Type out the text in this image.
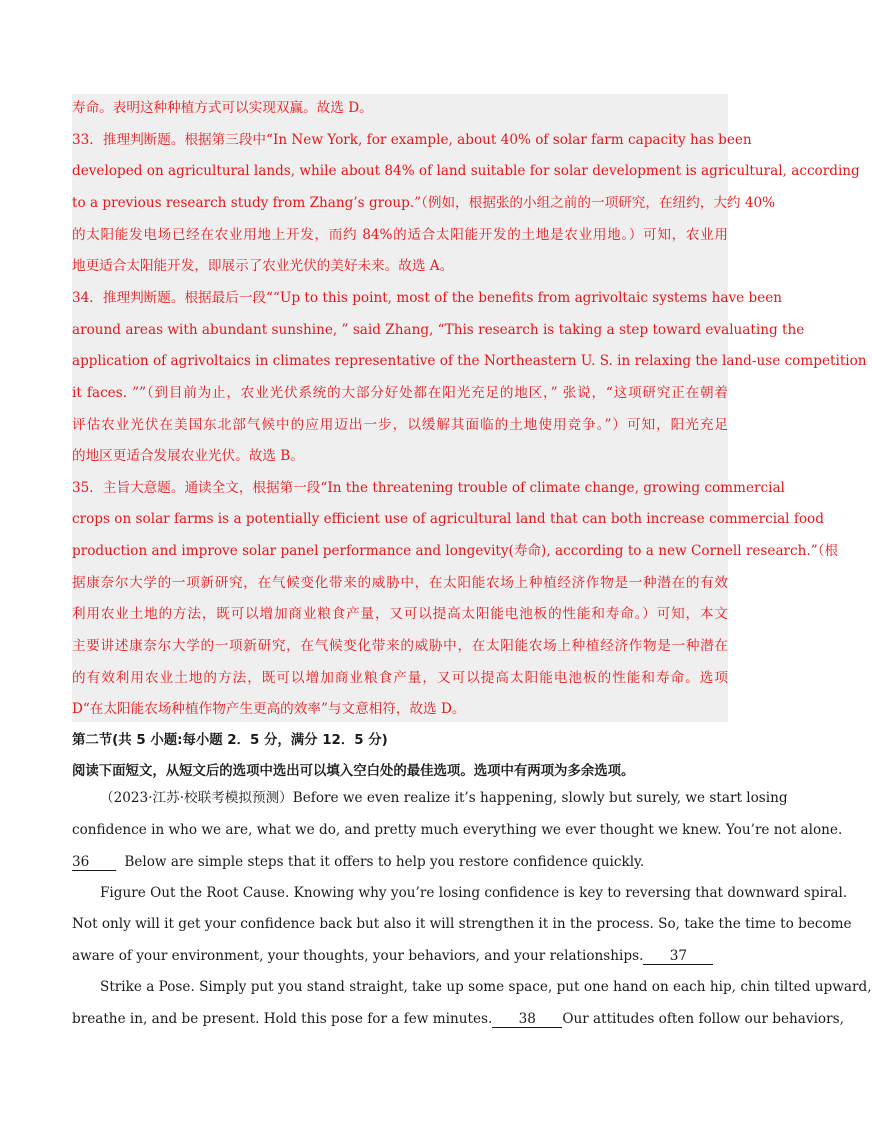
寿命。表明这种种植方式可以实现双赢。故选 D。
33．推理判断题。根据第三段中“In New York, for example, about 40% of solar farm capacity has been
developed on agricultural lands, while about 84% of land suitable for solar development is agricultural, according
to a previous research study from Zhang’s group.”（例如，根据张的小组之前的一项研究，在纽约，大约 40%
的太阳能发电场已经在农业用地上开发，而约 84%的适合太阳能开发的土地是农业用地。）可知，农业用
地更适合太阳能开发，即展示了农业光伏的美好未来。故选 A。
34．推理判断题。根据最后一段““Up to this point, most of the benefits from agrivoltaic systems have been
around areas with abundant sunshine, ” said Zhang, “This research is taking a step toward evaluating the
application of agrivoltaics in climates representative of the Northeastern U. S. in relaxing the land-use competition
it faces. ””（到目前为止，农业光伏系统的大部分好处都在阳光充足的地区，” 张说，“这项研究正在朝着
评估农业光伏在美国东北部气候中的应用迈出一步，以缓解其面临的土地使用竞争。”）可知，阳光充足
的地区更适合发展农业光伏。故选 B。
35．主旨大意题。通读全文，根据第一段“In the threatening trouble of climate change, growing commercial
crops on solar farms is a potentially efficient use of agricultural land that can both increase commercial food
production and improve solar panel performance and longevity(寿命), according to a new Cornell research.”（根
据康奈尔大学的一项新研究，在气候变化带来的威胁中，在太阳能农场上种植经济作物是一种潜在的有效
利用农业土地的方法，既可以增加商业粮食产量，又可以提高太阳能电池板的性能和寿命。）可知，本文
主要讲述康奈尔大学的一项新研究，在气候变化带来的威胁中，在太阳能农场上种植经济作物是一种潜在
的有效利用农业土地的方法，既可以增加商业粮食产量，又可以提高太阳能电池板的性能和寿命。选项
D“在太阳能农场种植作物产生更高的效率”与文意相符，故选 D。
第二节(共 5 小题:每小题 2．5 分，满分 12．5 分)
阅读下面短文，从短文后的选项中选出可以填入空白处的最佳选项。选项中有两项为多余选项。
（2023·江苏·校联考模拟预测）Before we even realize it’s happening, slowly but surely, we start losing
confidence in who we are, what we do, and pretty much everything we ever thought we knew. You’re not alone.
36	Below are simple steps that it offers to help you restore confidence quickly.
Figure Out the Root Cause. Knowing why you’re losing confidence is key to reversing that downward spiral.
Not only will it get your confidence back but also it will strengthen it in the process. So, take the time to become
aware of your environment, your thoughts, your behaviors, and your relationships. 37
Strike a Pose. Simply put you stand straight, take up some space, put one hand on each hip, chin tilted upward,
breathe in, and be present. Hold this pose for a few minutes.	38 Our attitudes often follow our behaviors,
